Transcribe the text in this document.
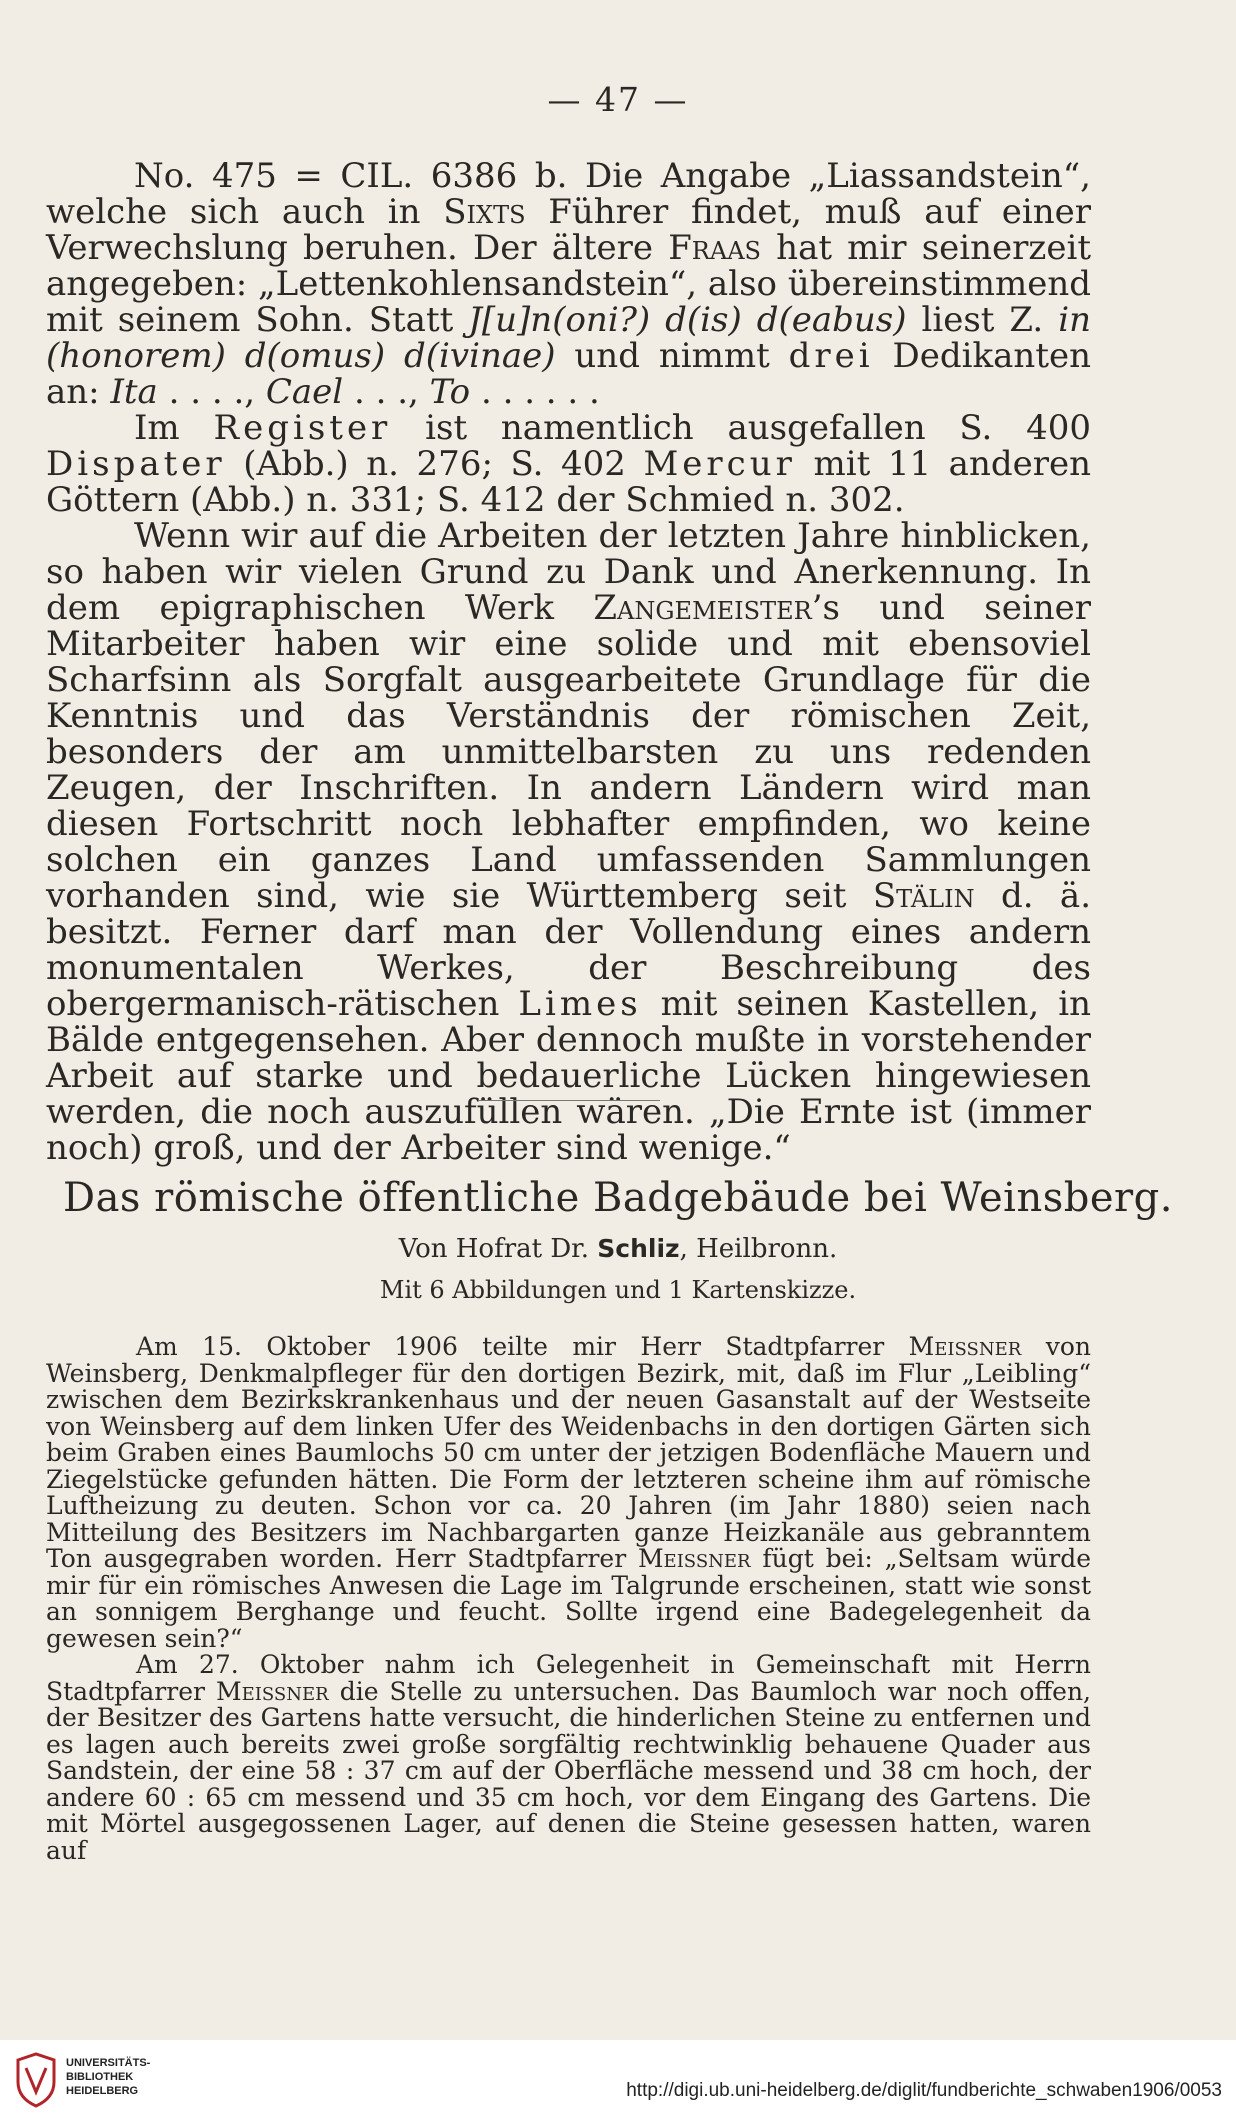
— 47 —

No. 475 = CIL. 6386 b. Die Angabe „Liassandstein“, welche sich auch in Sixts Führer findet, muß auf einer Verwechslung beruhen. Der ältere Fraas hat mir seinerzeit angegeben: „Lettenkohlensandstein“, also übereinstimmend mit seinem Sohn. Statt J[u]n(oni?) d(is) d(eabus) liest Z. in (honorem) d(omus) d(ivinae) und nimmt drei Dedikanten an: Ita . . . ., Cael . . ., To . . . . . .

Im Register ist namentlich ausgefallen S. 400 Dispater (Abb.) n. 276; S. 402 Mercur mit 11 anderen Göttern (Abb.) n. 331; S. 412 der Schmied n. 302.

Wenn wir auf die Arbeiten der letzten Jahre hinblicken, so haben wir vielen Grund zu Dank und Anerkennung. In dem epigraphischen Werk Zangemeister’s und seiner Mitarbeiter haben wir eine solide und mit ebensoviel Scharfsinn als Sorgfalt ausgearbeitete Grundlage für die Kenntnis und das Verständnis der römischen Zeit, besonders der am unmittelbarsten zu uns redenden Zeugen, der Inschriften. In andern Ländern wird man diesen Fortschritt noch lebhafter empfinden, wo keine solchen ein ganzes Land umfassenden Sammlungen vorhanden sind, wie sie Württemberg seit Stälin d. ä. besitzt. Ferner darf man der Vollendung eines andern monumentalen Werkes, der Beschreibung des obergermanisch-rätischen Limes mit seinen Kastellen, in Bälde entgegensehen. Aber dennoch mußte in vorstehender Arbeit auf starke und bedauerliche Lücken hingewiesen werden, die noch auszufüllen wären. „Die Ernte ist (immer noch) groß, und der Arbeiter sind wenige.“

Das römische öffentliche Badgebäude bei Weinsberg.
Von Hofrat Dr. Schliz, Heilbronn.
Mit 6 Abbildungen und 1 Kartenskizze.

Am 15. Oktober 1906 teilte mir Herr Stadtpfarrer Meissner von Weinsberg, Denkmalpfleger für den dortigen Bezirk, mit, daß im Flur „Leibling“ zwischen dem Bezirkskrankenhaus und der neuen Gasanstalt auf der Westseite von Weinsberg auf dem linken Ufer des Weidenbachs in den dortigen Gärten sich beim Graben eines Baumlochs 50 cm unter der jetzigen Bodenfläche Mauern und Ziegelstücke gefunden hätten. Die Form der letzteren scheine ihm auf römische Luftheizung zu deuten. Schon vor ca. 20 Jahren (im Jahr 1880) seien nach Mitteilung des Besitzers im Nachbargarten ganze Heizkanäle aus gebranntem Ton ausgegraben worden. Herr Stadtpfarrer Meissner fügt bei: „Seltsam würde mir für ein römisches Anwesen die Lage im Talgrunde erscheinen, statt wie sonst an sonnigem Berghange und feucht. Sollte irgend eine Badegelegenheit da gewesen sein?“

Am 27. Oktober nahm ich Gelegenheit in Gemeinschaft mit Herrn Stadtpfarrer Meissner die Stelle zu untersuchen. Das Baumloch war noch offen, der Besitzer des Gartens hatte versucht, die hinderlichen Steine zu entfernen und es lagen auch bereits zwei große sorgfältig rechtwinklig behauene Quader aus Sandstein, der eine 58 : 37 cm auf der Oberfläche messend und 38 cm hoch, der andere 60 : 65 cm messend und 35 cm hoch, vor dem Eingang des Gartens. Die mit Mörtel ausgegossenen Lager, auf denen die Steine gesessen hatten, waren auf

UNIVERSITÄTS-
BIBLIOTHEK
HEIDELBERG	http://digi.ub.uni-heidelberg.de/diglit/fundberichte_schwaben1906/0053
